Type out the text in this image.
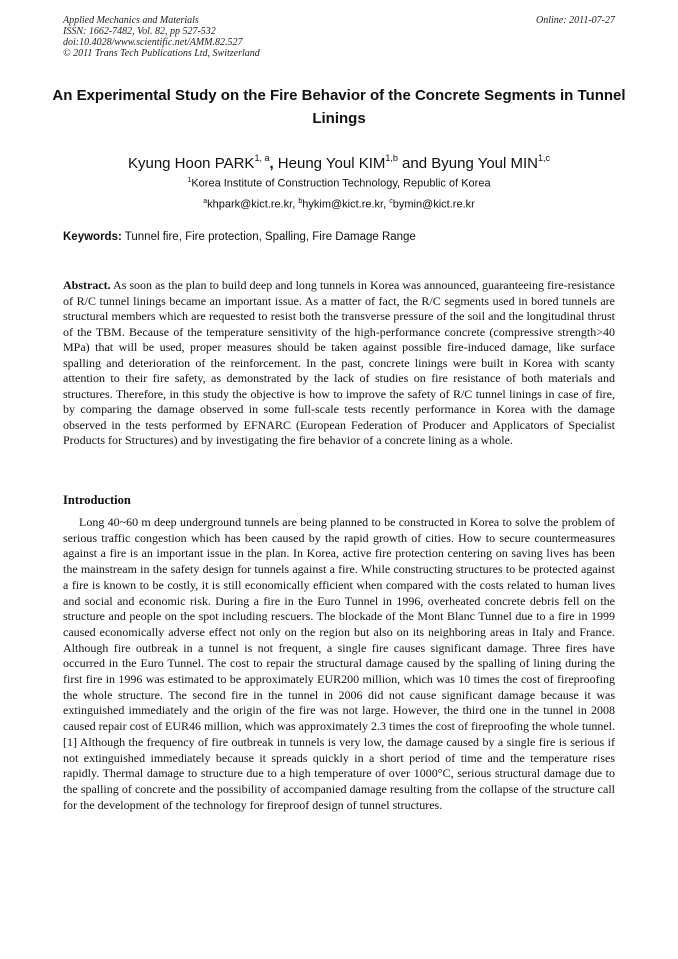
Applied Mechanics and Materials
ISSN: 1662-7482, Vol. 82, pp 527-532
doi:10.4028/www.scientific.net/AMM.82.527
© 2011 Trans Tech Publications Ltd, Switzerland
Online: 2011-07-27
An Experimental Study on the Fire Behavior of the Concrete Segments in Tunnel Linings
Kyung Hoon PARK$^{1, a}$, Heung Youl KIM$^{1,b}$ and Byung Youl MIN$^{1,c}$
$^1$Korea Institute of Construction Technology, Republic of Korea
$^a$khpark@kict.re.kr, $^b$hykim@kict.re.kr, $^c$bymin@kict.re.kr
Keywords: Tunnel fire, Fire protection, Spalling, Fire Damage Range

Abstract. As soon as the plan to build deep and long tunnels in Korea was announced, guaranteeing fire-resistance of R/C tunnel linings became an important issue. As a matter of fact, the R/C segments used in bored tunnels are structural members which are requested to resist both the transverse pressure of the soil and the longitudinal thrust of the TBM. Because of the temperature sensitivity of the high-performance concrete (compressive strength>40 MPa) that will be used, proper measures should be taken against possible fire-induced damage, like surface spalling and deterioration of the reinforcement. In the past, concrete linings were built in Korea with scanty attention to their fire safety, as demonstrated by the lack of studies on fire resistance of both materials and structures. Therefore, in this study the objective is how to improve the safety of R/C tunnel linings in case of fire, by comparing the damage observed in some full-scale tests recently performance in Korea with the damage observed in the tests performed by EFNARC (European Federation of Producer and Applicators of Specialist Products for Structures) and by investigating the fire behavior of a concrete lining as a whole.

Introduction

Long 40~60 m deep underground tunnels are being planned to be constructed in Korea to solve the problem of serious traffic congestion which has been caused by the rapid growth of cities. How to secure countermeasures against a fire is an important issue in the plan. In Korea, active fire protection centering on saving lives has been the mainstream in the safety design for tunnels against a fire. While constructing structures to be protected against a fire is known to be costly, it is still economically efficient when compared with the costs related to human lives and social and economic risk. During a fire in the Euro Tunnel in 1996, overheated concrete debris fell on the structure and people on the spot including rescuers. The blockade of the Mont Blanc Tunnel due to a fire in 1999 caused economically adverse effect not only on the region but also on its neighboring areas in Italy and France. Although fire outbreak in a tunnel is not frequent, a single fire causes significant damage. Three fires have occurred in the Euro Tunnel. The cost to repair the structural damage caused by the spalling of lining during the first fire in 1996 was estimated to be approximately EUR200 million, which was 10 times the cost of fireproofing the whole structure. The second fire in the tunnel in 2006 did not cause significant damage because it was extinguished immediately and the origin of the fire was not large. However, the third one in the tunnel in 2008 caused repair cost of EUR46 million, which was approximately 2.3 times the cost of fireproofing the whole tunnel.[1] Although the frequency of fire outbreak in tunnels is very low, the damage caused by a single fire is serious if not extinguished immediately because it spreads quickly in a short period of time and the temperature rises rapidly. Thermal damage to structure due to a high temperature of over 1000°C, serious structural damage due to the spalling of concrete and the possibility of accompanied damage resulting from the collapse of the structure call for the development of the technology for fireproof design of tunnel structures.
